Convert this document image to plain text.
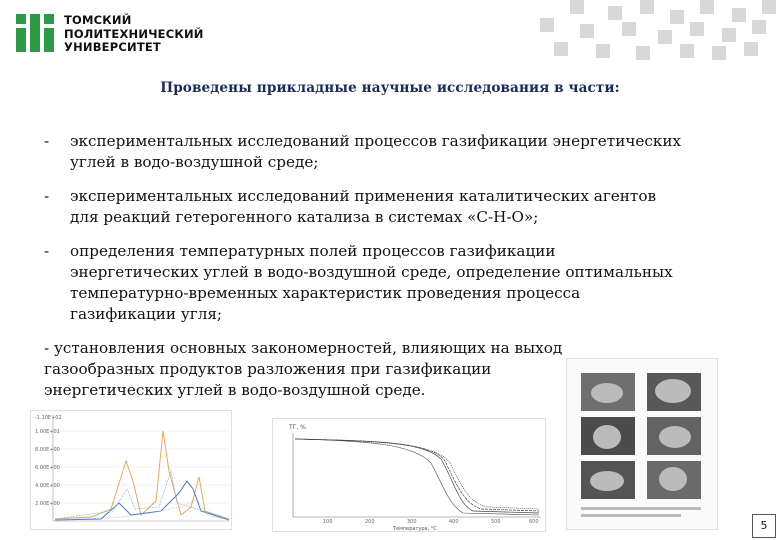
ТОМСКИЙ
ПОЛИТЕХНИЧЕСКИЙ
УНИВЕРСИТЕТ
Проведены прикладные научные исследования в части:
- экспериментальных исследований процессов газификации энергетических углей в водо-воздушной среде;
- экспериментальных исследований применения каталитических агентов для реакций гетерогенного катализа в системах «C-H-O»;
- определения температурных полей процессов газификации энергетических углей в водо-воздушной среде, определение оптимальных температурно-временных характеристик проведения процесса газификации угля;
- установления основных закономерностей, влияющих на выход газообразных продуктов разложения при газификации энергетических углей в водо-воздушной среде.
-1.10E+02
1.00E+01
8.00E+00
6.00E+00
4.00E+00
2.00E+00
ТГ, %
100	200	300	400	500	600
Температура, °C	5
